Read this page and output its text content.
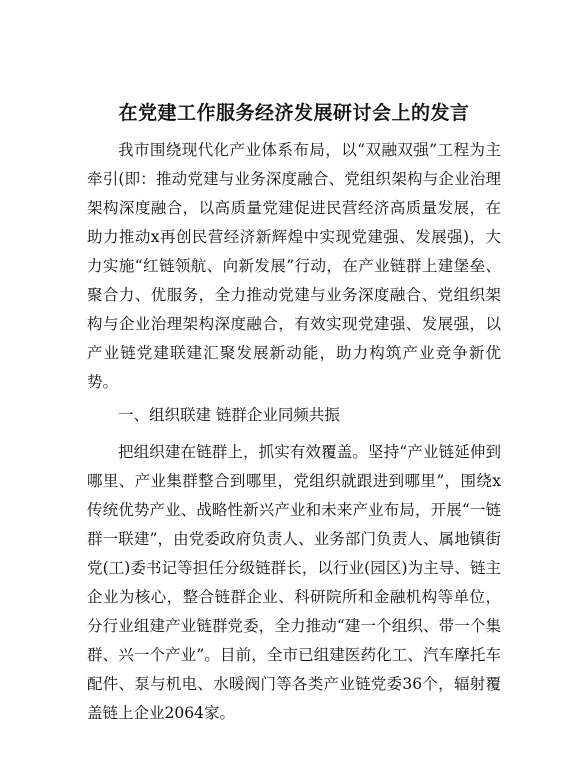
在党建工作服务经济发展研讨会上的发言

我市围绕现代化产业体系布局，以“双融双强”工程为主牵引(即：推动党建与业务深度融合、党组织架构与企业治理架构深度融合，以高质量党建促进民营经济高质量发展，在助力推动x再创民营经济新辉煌中实现党建强、发展强)，大力实施“红链领航、向新发展”行动，在产业链群上建堡垒、聚合力、优服务，全力推动党建与业务深度融合、党组织架构与企业治理架构深度融合，有效实现党建强、发展强，以产业链党建联建汇聚发展新动能，助力构筑产业竞争新优势。

一、组织联建 链群企业同频共振

把组织建在链群上，抓实有效覆盖。坚持“产业链延伸到哪里、产业集群整合到哪里，党组织就跟进到哪里”，围绕x传统优势产业、战略性新兴产业和未来产业布局，开展“一链群一联建”，由党委政府负责人、业务部门负责人、属地镇街党(工)委书记等担任分级链群长，以行业(园区)为主导、链主企业为核心，整合链群企业、科研院所和金融机构等单位，分行业组建产业链群党委，全力推动“建一个组织、带一个集群、兴一个产业”。目前，全市已组建医药化工、汽车摩托车配件、泵与机电、水暖阀门等各类产业链党委36个，辐射覆盖链上企业2064家。
